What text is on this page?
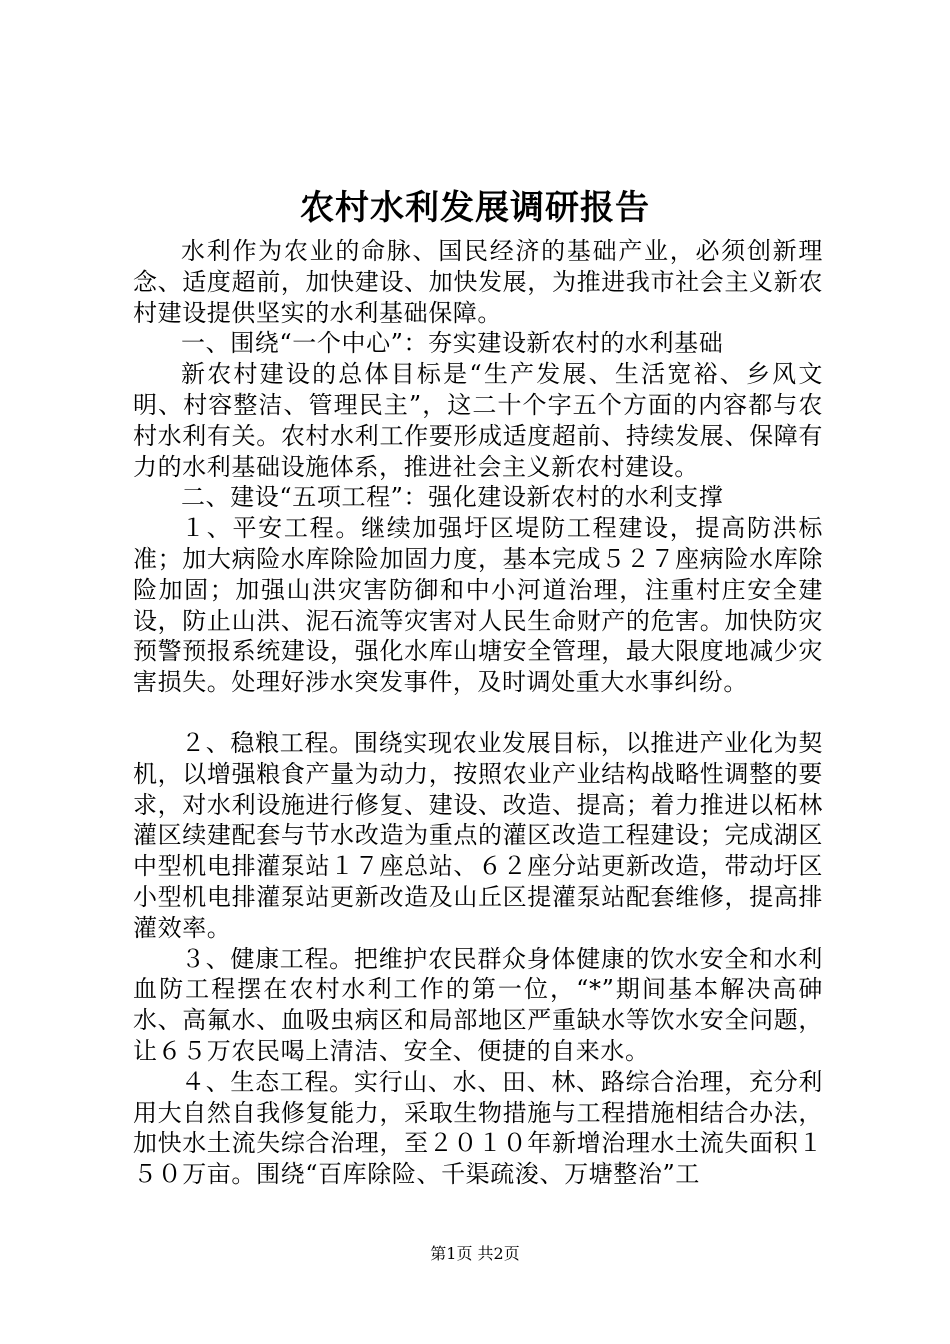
农村水利发展调研报告

水利作为农业的命脉、国民经济的基础产业，必须创新理念、适度超前，加快建设、加快发展，为推进我市社会主义新农村建设提供坚实的水利基础保障。

一、围绕“一个中心”：夯实建设新农村的水利基础

新农村建设的总体目标是“生产发展、生活宽裕、乡风文明、村容整洁、管理民主”，这二十个字五个方面的内容都与农村水利有关。农村水利工作要形成适度超前、持续发展、保障有力的水利基础设施体系，推进社会主义新农村建设。

二、建设“五项工程”：强化建设新农村的水利支撑

１、平安工程。继续加强圩区堤防工程建设，提高防洪标准；加大病险水库除险加固力度，基本完成５２７座病险水库除险加固；加强山洪灾害防御和中小河道治理，注重村庄安全建设，防止山洪、泥石流等灾害对人民生命财产的危害。加快防灾预警预报系统建设，强化水库山塘安全管理，最大限度地减少灾害损失。处理好涉水突发事件，及时调处重大水事纠纷。

２、稳粮工程。围绕实现农业发展目标，以推进产业化为契机，以增强粮食产量为动力，按照农业产业结构战略性调整的要求，对水利设施进行修复、建设、改造、提高；着力推进以柘林灌区续建配套与节水改造为重点的灌区改造工程建设；完成湖区中型机电排灌泵站１７座总站、６２座分站更新改造，带动圩区小型机电排灌泵站更新改造及山丘区提灌泵站配套维修，提高排灌效率。

３、健康工程。把维护农民群众身体健康的饮水安全和水利血防工程摆在农村水利工作的第一位，“*”期间基本解决高砷水、高氟水、血吸虫病区和局部地区严重缺水等饮水安全问题，让６５万农民喝上清洁、安全、便捷的自来水。

４、生态工程。实行山、水、田、林、路综合治理，充分利用大自然自我修复能力，采取生物措施与工程措施相结合办法，加快水土流失综合治理，至２０１０年新增治理水土流失面积１５０万亩。围绕“百库除险、千渠疏浚、万塘整治”工

第1页 共2页
